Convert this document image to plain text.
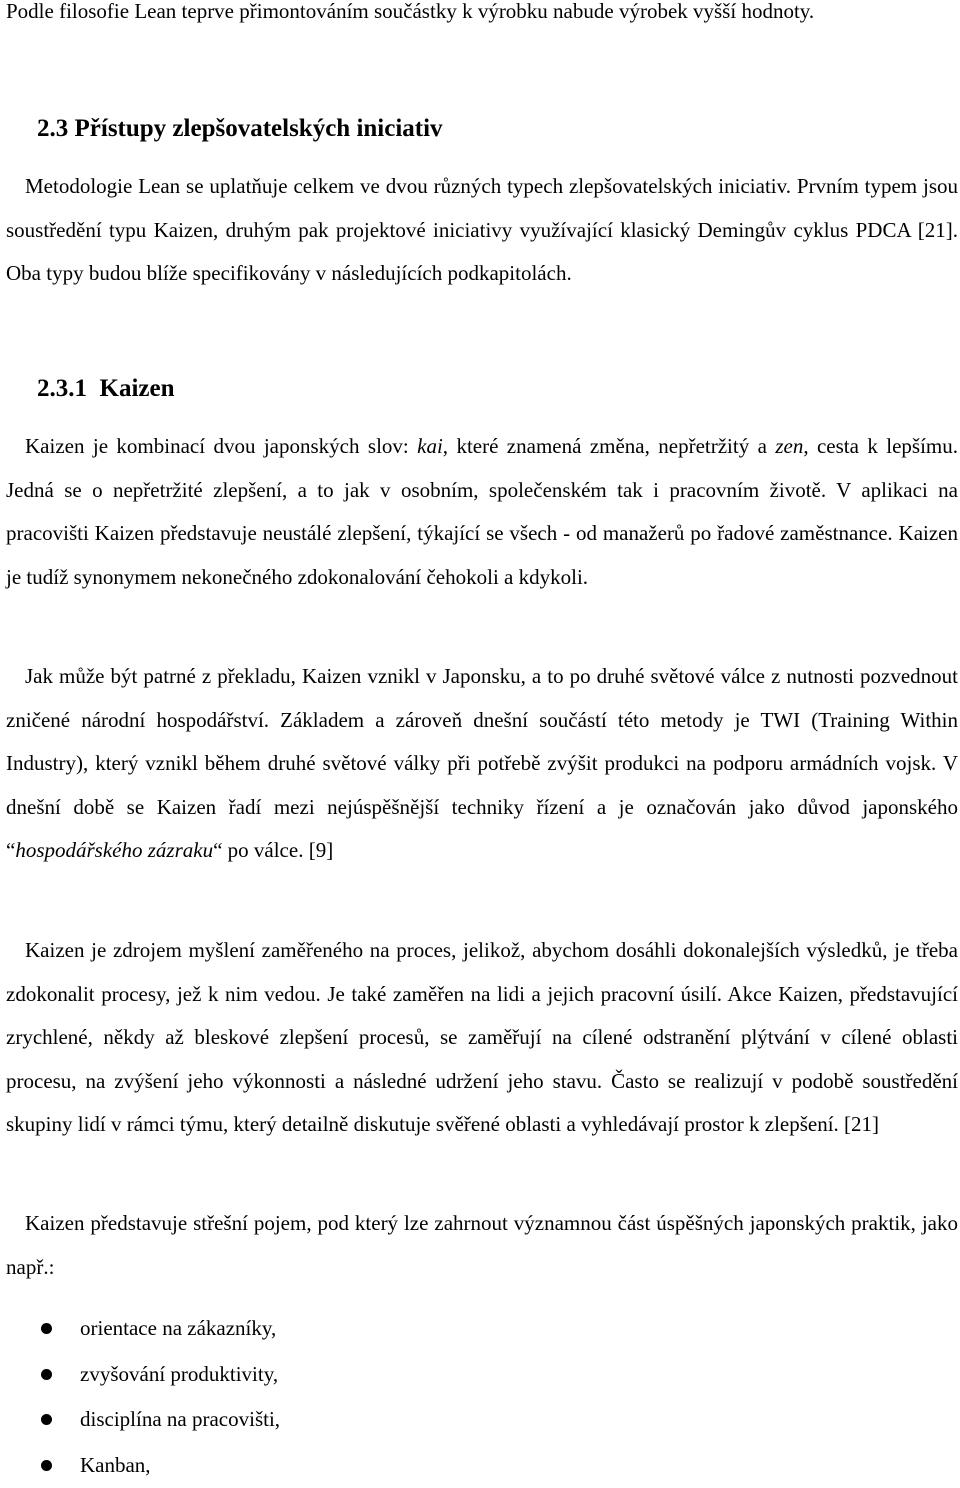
Podle filosofie Lean teprve přimontováním součástky k výrobku nabude výrobek vyšší hodnoty.

2.3 Přístupy zlepšovatelských iniciativ

Metodologie Lean se uplatňuje celkem ve dvou různých typech zlepšovatelských iniciativ. Prvním typem jsou soustředění typu Kaizen, druhým pak projektové iniciativy využívající klasický Demingův cyklus PDCA [21]. Oba typy budou blíže specifikovány v následujících podkapitolách.

2.3.1 Kaizen

Kaizen je kombinací dvou japonských slov: kai, které znamená změna, nepřetržitý a zen, cesta k lepšímu. Jedná se o nepřetržité zlepšení, a to jak v osobním, společenském tak i pracovním životě. V aplikaci na pracovišti Kaizen představuje neustálé zlepšení, týkající se všech - od manažerů po řadové zaměstnance. Kaizen je tudíž synonymem nekonečného zdokonalování čehokoli a kdykoli.

Jak může být patrné z překladu, Kaizen vznikl v Japonsku, a to po druhé světové válce z nutnosti pozvednout zničené národní hospodářství. Základem a zároveň dnešní součástí této metody je TWI (Training Within Industry), který vznikl během druhé světové války při potřebě zvýšit produkci na podporu armádních vojsk. V dnešní době se Kaizen řadí mezi nejúspěšnější techniky řízení a je označován jako důvod japonského “hospodářského zázraku“ po válce. [9]

Kaizen je zdrojem myšlení zaměřeného na proces, jelikož, abychom dosáhli dokonalejších výsledků, je třeba zdokonalit procesy, jež k nim vedou. Je také zaměřen na lidi a jejich pracovní úsilí. Akce Kaizen, představující zrychlené, někdy až bleskové zlepšení procesů, se zaměřují na cílené odstranění plýtvání v cílené oblasti procesu, na zvýšení jeho výkonnosti a následné udržení jeho stavu. Často se realizují v podobě soustředění skupiny lidí v rámci týmu, který detailně diskutuje svěřené oblasti a vyhledávají prostor k zlepšení. [21]

Kaizen představuje střešní pojem, pod který lze zahrnout významnou část úspěšných japonských praktik, jako např.:

orientace na zákazníky,
zvyšování produktivity,
disciplína na pracovišti,
Kanban,
